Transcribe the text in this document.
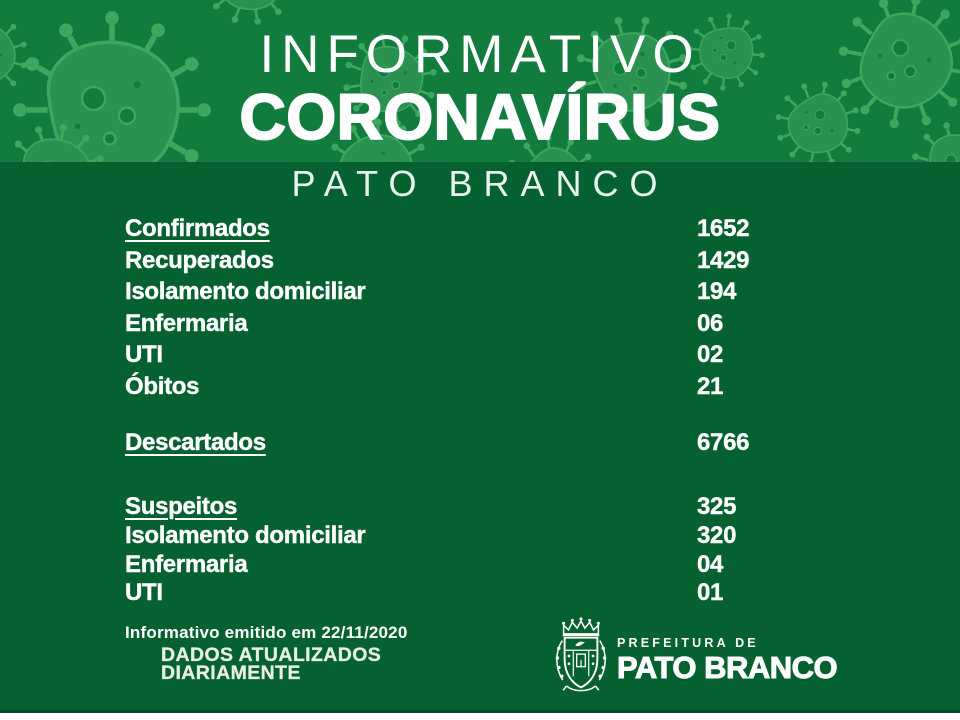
INFORMATIVO
CORONAVÍRUS
PATO BRANCO
Confirmados	1652
Recuperados	1429
Isolamento domiciliar	194
Enfermaria	06
UTI	02
Óbitos	21
Descartados	6766
Suspeitos	325
Isolamento domiciliar	320
Enfermaria	04
UTI	01
Informativo emitido em 22/11/2020
DADOS ATUALIZADOS
DIARIAMENTE
PREFEITURA DE
PATO BRANCO
